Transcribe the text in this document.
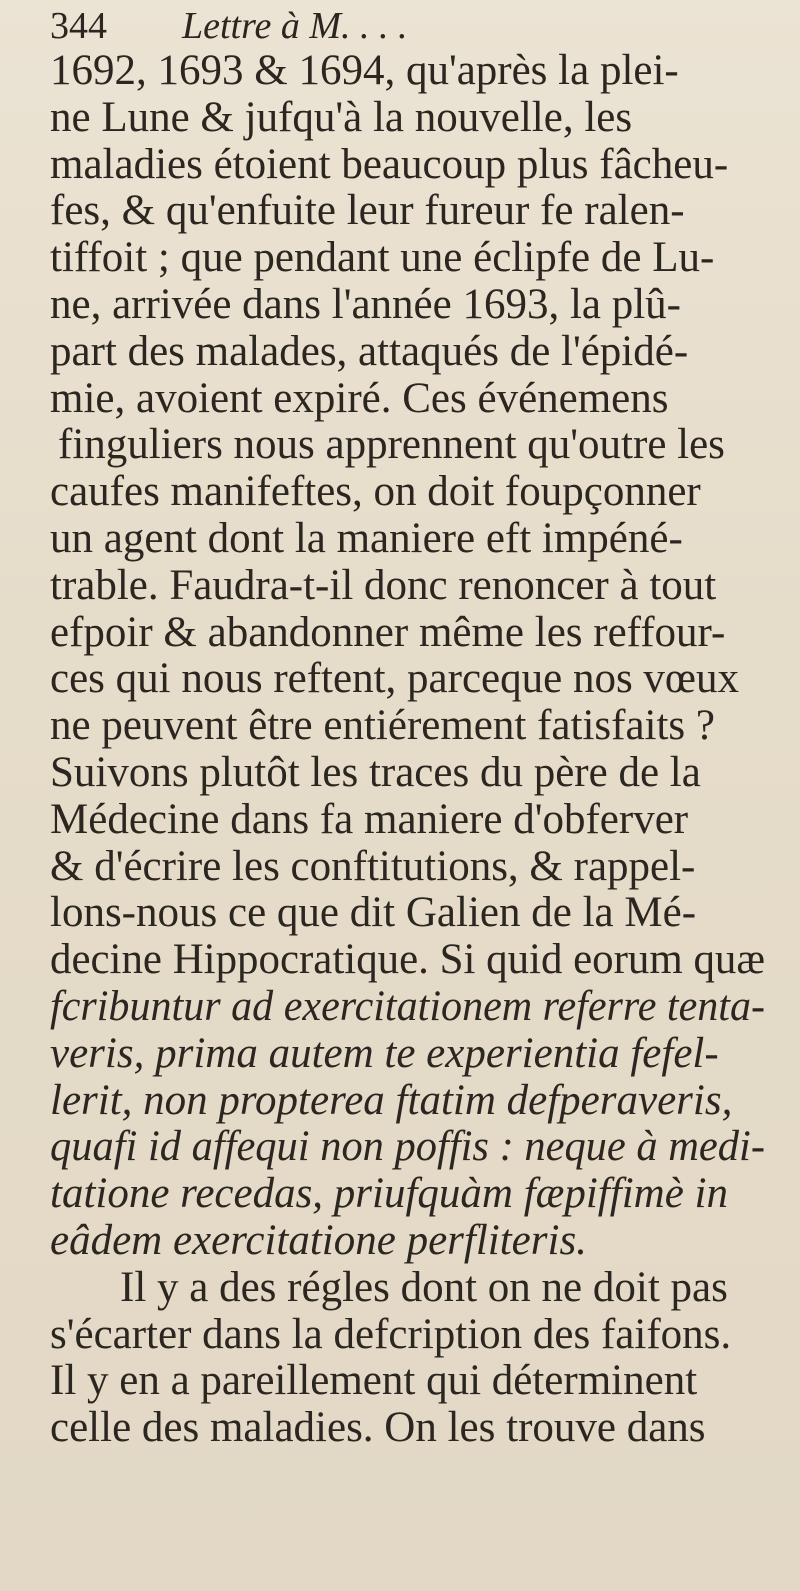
344 Lettre à M. . . .
1692, 1693 & 1694, qu'après la plei-
ne Lune & jufqu'à la nouvelle, les
maladies étoient beaucoup plus fâcheu-
fes, & qu'enfuite leur fureur fe ralen-
tiffoit ; que pendant une éclipfe de Lu-
ne, arrivée dans l'année 1693, la plû-
part des malades, attaqués de l'épidé-
mie, avoient expiré. Ces événemens
finguliers nous apprennent qu'outre les
caufes manifeftes, on doit foupçonner
un agent dont la maniere eft impéné-
trable. Faudra-t-il donc renoncer à tout
efpoir & abandonner même les reffour-
ces qui nous reftent, parceque nos vœux
ne peuvent être entiérement fatisfaits ?
Suivons plutôt les traces du père de la
Médecine dans fa maniere d'obferver
& d'écrire les conftitutions, & rappel-
lons-nous ce que dit Galien de la Mé-
decine Hippocratique. Si quid eorum quæ
fcribuntur ad exercitationem referre tenta-
veris, prima autem te experientia fefel-
lerit, non propterea ftatim defperaveris,
quafi id affequi non poffis : neque à medi-
tatione recedas, priufquàm fæpiffimè in
eâdem exercitatione perfliteris.
Il y a des régles dont on ne doit pas
s'écarter dans la defcription des faifons.
Il y en a pareillement qui déterminent
celle des maladies. On les trouve dans
